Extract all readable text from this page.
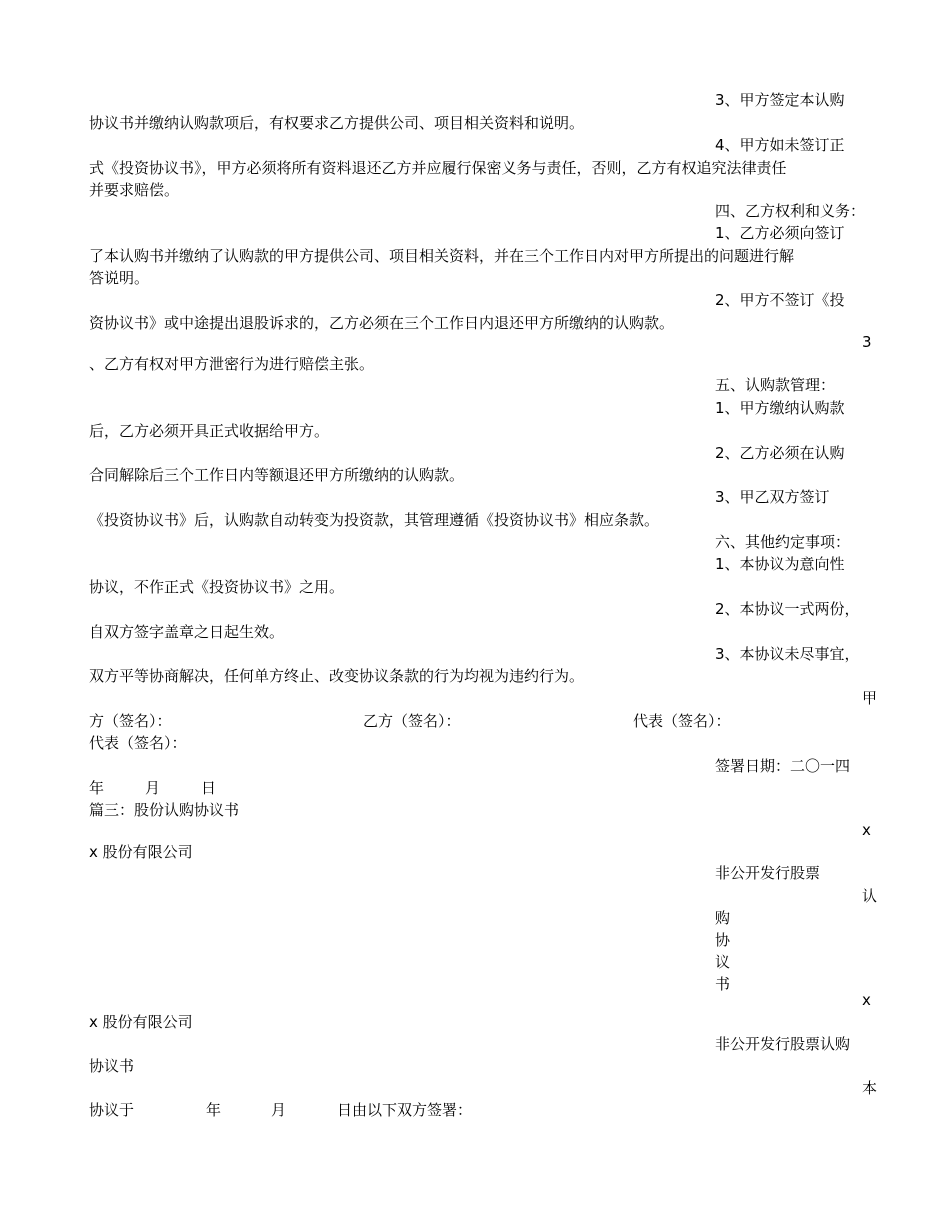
3、甲方签定本认购
协议书并缴纳认购款项后，有权要求乙方提供公司、项目相关资料和说明。
4、甲方如未签订正
式《投资协议书》，甲方必须将所有资料退还乙方并应履行保密义务与责任，否则，乙方有权追究法律责任
并要求赔偿。
四、乙方权利和义务：
1、乙方必须向签订
了本认购书并缴纳了认购款的甲方提供公司、项目相关资料，并在三个工作日内对甲方所提出的问题进行解
答说明。
2、甲方不签订《投
资协议书》或中途提出退股诉求的，乙方必须在三个工作日内退还甲方所缴纳的认购款。
3
、乙方有权对甲方泄密行为进行赔偿主张。
五、认购款管理：
1、甲方缴纳认购款
后，乙方必须开具正式收据给甲方。
2、乙方必须在认购
合同解除后三个工作日内等额退还甲方所缴纳的认购款。
3、甲乙双方签订
《投资协议书》后，认购款自动转变为投资款，其管理遵循《投资协议书》相应条款。
六、其他约定事项：
1、本协议为意向性
协议，不作正式《投资协议书》之用。
2、本协议一式两份，
自双方签字盖章之日起生效。
3、本协议未尽事宜，
双方平等协商解决，任何单方终止、改变协议条款的行为均视为违约行为。
甲
方（签名）：	乙方（签名）：	代表（签名）：
代表（签名）：
签署日期：二〇一四
年	月	日
篇三：股份认购协议书
x
x 股份有限公司
非公开发行股票
认
购
协
议
书
x
x 股份有限公司
非公开发行股票认购
协议书
本
协议于	年	月	日由以下双方签署：
